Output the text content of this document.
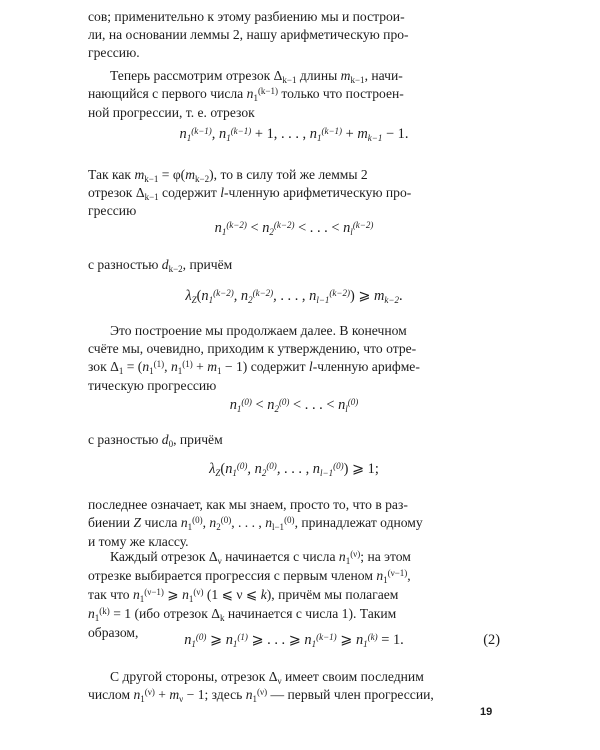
сов; применительно к этому разбиению мы и построи-
ли, на основании леммы 2, нашу арифметическую про-
грессию.
Теперь рассмотрим отрезок $\Delta_{k-1}$ длины $m_{k-1}$, начи-
нающийся с первого числа $n_1^{(k-1)}$ только что построен-
ной прогрессии, т. е. отрезок
$n_1^{(k-1)}$, $n_1^{(k-1)} + 1$, . . . , $n_1^{(k-1)} + m_{k-1} - 1$.
Так как $m_{k-1} = \varphi(m_{k-2})$, то в силу той же леммы 2
отрезок $\Delta_{k-1}$ содержит l-членную арифметическую про-
грессию
$n_1^{(k-2)} < n_2^{(k-2)}$ < . . . < $n_l^{(k-2)}$
с разностью $d_{k-2}$, причём
$\lambda_Z(n_1^{(k-2)}$, $n_2^{(k-2)}$, . . . , $n_{l-1}^{(k-2)}$) ⩾ $m_{k-2}$.
Это построение мы продолжаем далее. В конечном
счёте мы, очевидно, приходим к утверждению, что отре-
зок $\Delta_1 = (n_1^{(1)}$, $n_1^{(1)} + m_1 - 1$) содержит l-членную арифме-
тическую прогрессию
$n_1^{(0)} < n_2^{(0)}$ < . . . < $n_l^{(0)}$
с разностью $d_0$, причём
$\lambda_Z(n_1^{(0)}$, $n_2^{(0)}$, . . . , $n_{l-1}^{(0)}$) ⩾ 1;
последнее означает, как мы знаем, просто то, что в раз-
биении Z числа $n_1^{(0)}$, $n_2^{(0)}$, . . . , $n_{l-1}^{(0)}$, принадлежат одному
и тому же классу.
Каждый отрезок $\Delta_\nu$ начинается с числа $n_1^{(\nu)}$; на этом
отрезке выбирается прогрессия с первым членом $n_1^{(\nu-1)}$,
так что $n_1^{(\nu-1)}$ ⩾ $n_1^{(\nu)}$ (1 ⩽ ν ⩽ k), причём мы полагаем
$n_1^{(k)} = 1$ (ибо отрезок $\Delta_k$ начинается с числа 1). Таким
образом,	$n_1^{(0)}$ ⩾ $n_1^{(1)}$ ⩾ . . . ⩾ $n_1^{(k-1)}$ ⩾ $n_1^{(k)} = 1$.	(2)
С другой стороны, отрезок $\Delta_\nu$ имеет своим последним
числом $n_1^{(\nu)} + m_\nu - 1$; здесь $n_1^{(\nu)}$ — первый член прогрессии,
19
